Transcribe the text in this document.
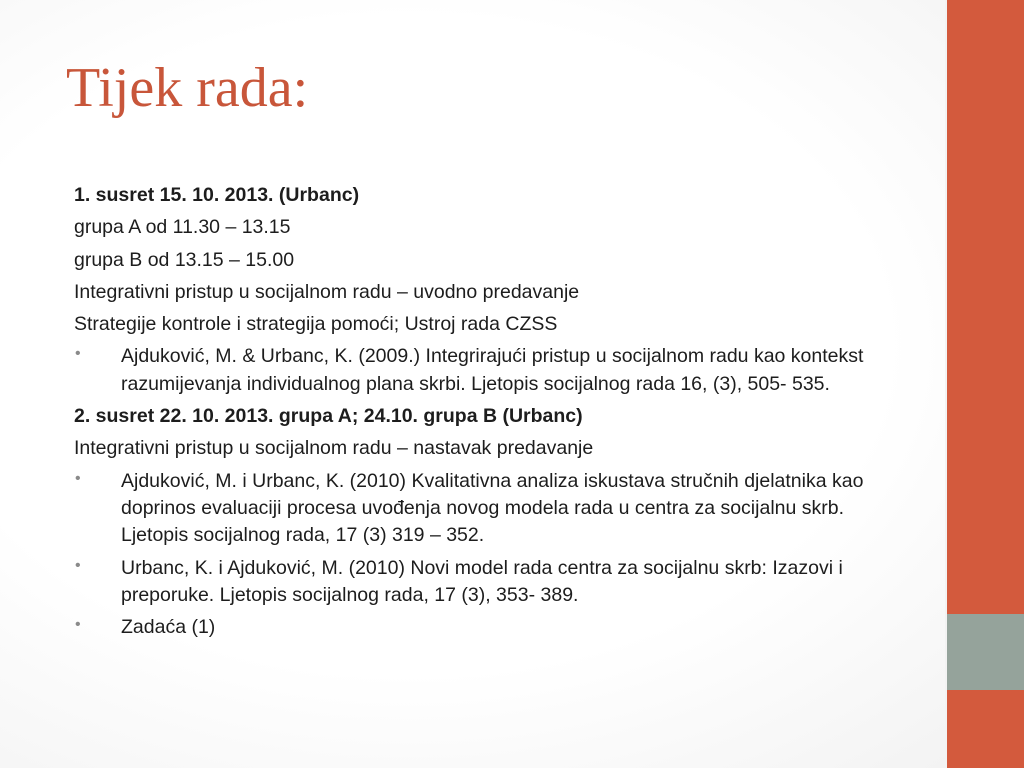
Tijek rada:

1. susret 15. 10. 2013. (Urbanc)

grupa A od 11.30 – 13.15

grupa B od 13.15 – 15.00

Integrativni pristup u socijalnom radu – uvodno predavanje

Strategije kontrole i strategija pomoći; Ustroj rada CZSS

• Ajduković, M. & Urbanc, K. (2009.) Integrirajući pristup u socijalnom radu kao kontekst razumijevanja individualnog plana skrbi. Ljetopis socijalnog rada 16, (3), 505- 535.

2. susret 22. 10. 2013. grupa A; 24.10. grupa B (Urbanc)

Integrativni pristup u socijalnom radu – nastavak predavanje

• Ajduković, M. i Urbanc, K. (2010) Kvalitativna analiza iskustava stručnih djelatnika kao doprinos evaluaciji procesa uvođenja novog modela rada u centra za socijalnu skrb. Ljetopis socijalnog rada, 17 (3) 319 – 352.
• Urbanc, K. i Ajduković, M. (2010) Novi model rada centra za socijalnu skrb: Izazovi i preporuke. Ljetopis socijalnog rada, 17 (3), 353- 389.
• Zadaća (1)
